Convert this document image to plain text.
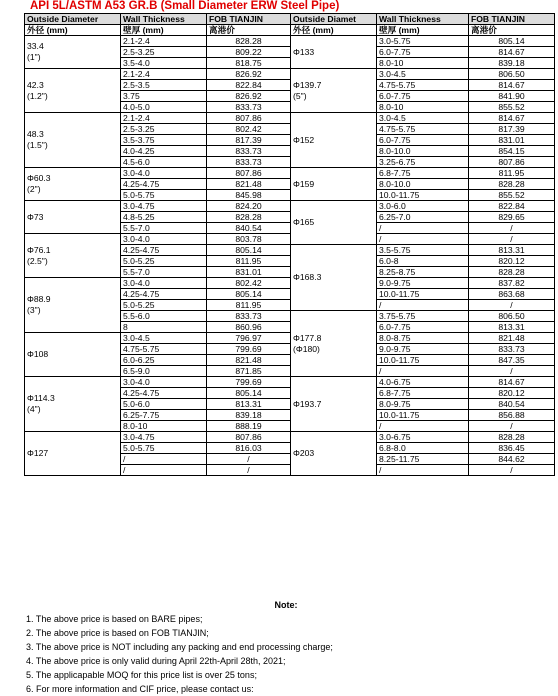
API 5L/ASTM A53 GR.B (Small Diameter ERW Steel Pipe)
Outside Diameter	Wall Thickness	FOB TIANJIN	Outside Diamet	Wall Thickness	FOB TIANJIN
外径 (mm)	壁厚 (mm)	离港价	外径 (mm)	壁厚 (mm)	离港价

33.4
(1")	2.1-2.4	828.28	Φ133	3.0-5.75	805.14
	2.5-3.25	809.22		6.0-7.75	814.67
	3.5-4.0	818.75		8.0-10	839.18

42.3
(1.2")	2.1-2.4	826.92	Φ139.7
(5")	3.0-4.5	806.50
	2.5-3.5	822.84		4.75-5.75	814.67
	3.75	826.92		6.0-7.75	841.90
	4.0-5.0	833.73		8.0-10	855.52

48.3
(1.5")	2.1-2.4	807.86	Φ152	3.0-4.5	814.67
	2.5-3.25	802.42		4.75-5.75	817.39
	3.5-3.75	817.39		6.0-7.75	831.01
	4.0-4.25	833.73		8.0-10.0	854.15
	4.5-6.0	833.73		3.25-6.75	807.86

Φ60.3
(2")	3.0-4.0	807.86	Φ159	6.8-7.75	811.95
	4.25-4.75	821.48		8.0-10.0	828.28
	5.0-5.75	845.98		10.0-11.75	855.52

Φ73	3.0-4.75	824.20	Φ165	3.0-6.0	822.84
	4.8-5.25	828.28		6.25-7.0	829.65
	5.5-7.0	840.54		/	/

Φ76.1
(2.5")	3.0-4.0	803.78		/	/
	4.25-4.75	805.14	Φ168.3	3.5-5.75	813.31
	5.0-5.25	811.95		6.0-8	820.12
	5.5-7.0	831.01		8.25-8.75	828.28

Φ88.9
(3")	3.0-4.0	802.42		9.0-9.75	837.82
	4.25-4.75	805.14		10.0-11.75	863.68
	5.0-5.25	811.95		/	/
	5.5-6.0	833.73	Φ177.8
(Φ180)	3.75-5.75	806.50
	8	860.96		6.0-7.75	813.31

Φ108	3.0-4.5	796.97		8.0-8.75	821.48
	4.75-5.75	799.69		9.0-9.75	833.73
	6.0-6.25	821.48		10.0-11.75	847.35
	6.5-9.0	871.85		/	/

Φ114.3
(4")	3.0-4.0	799.69	Φ193.7	4.0-6.75	814.67
	4.25-4.75	805.14		6.8-7.75	820.12
	5.0-6.0	813.31		8.0-9.75	840.54
	6.25-7.75	839.18		10.0-11.75	856.88
	8.0-10	888.19		/	/

Φ127	3.0-4.75	807.86	Φ203	3.0-6.75	828.28
	5.0-5.75	816.03		6.8-8.0	836.45
	/	/		8.25-11.75	844.62
	/	/		/	/
Note:
1. The above price is based on BARE pipes;
2. The above price is based on FOB TIANJIN;
3. The above price is NOT including any packing and end processing charge;
4. The above price is only valid during April 22th-April 28th, 2021;
5. The applicapable MOQ for this price list is over 25 tons;
6. For more information and CIF price, please contact us:
